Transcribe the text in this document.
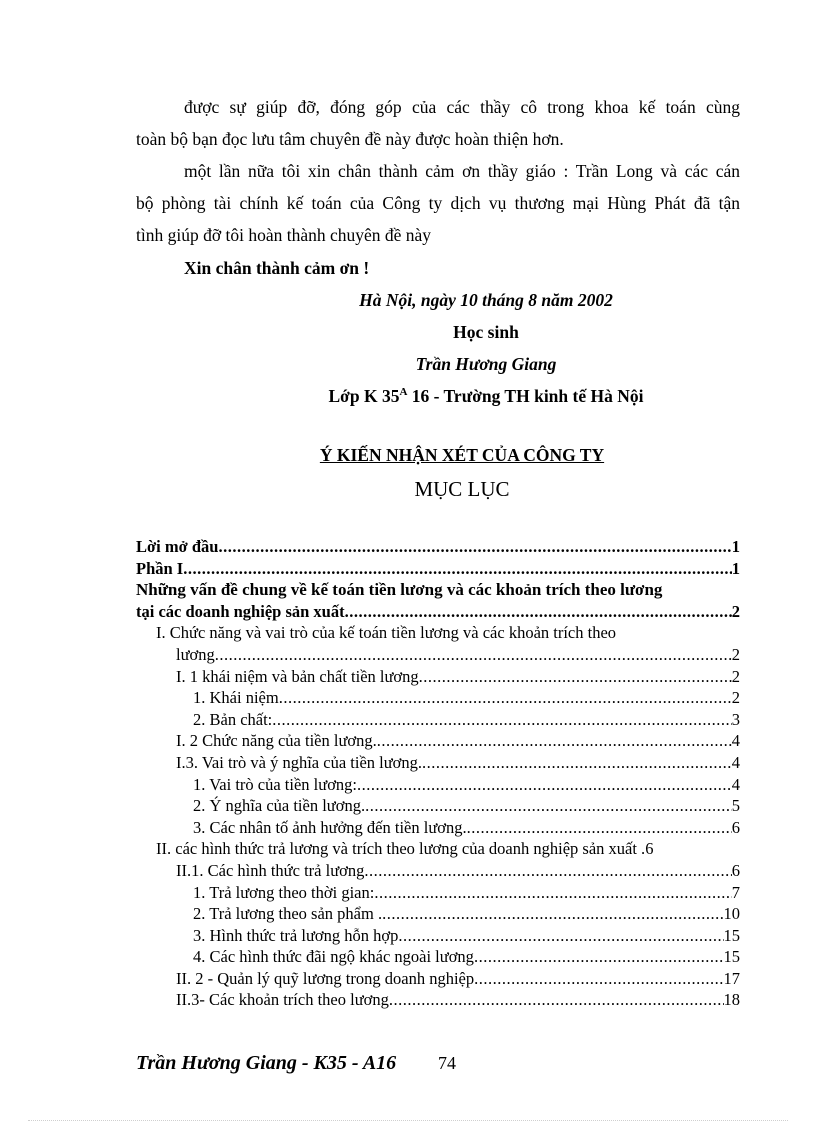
được sự giúp đỡ, đóng góp của các thầy cô trong khoa kế toán cùng
toàn bộ bạn đọc lưu tâm chuyên đề này được hoàn thiện hơn.
một lần nữa tôi xin chân thành cảm ơn thầy giáo : Trần Long và các cán
bộ phòng tài chính kế toán của Công ty dịch vụ thương mại Hùng Phát đã tận
tình giúp đỡ tôi hoàn thành chuyên đề này
Xin chân thành cảm ơn !
Hà Nội, ngày 10 tháng 8 năm 2002
Học sinh
Trần Hương Giang
Lớp K $35^A$ 16 - Trường TH kinh tế Hà Nội
Ý KIẾN NHẬN XÉT CỦA CÔNG TY
MỤC LỤC
Lời mở đầu .....	1
Phần I .....	1
Những vấn đề chung về kế toán tiền lương và các khoản trích theo lương
tại các doanh nghiệp sản xuất .....	2
I. Chức năng và vai trò của kế toán tiền lương và các khoản trích theo
lương .....	2
I. 1 khái niệm và bản chất tiền lương .....	2
1. Khái niệm .....	2
2. Bản chất: .....	3
I. 2 Chức năng của tiền lương. .....	4
I.3. Vai trò và ý nghĩa của tiền lương. .....	4
1. Vai trò của tiền lương: .....	4
2. Ý nghĩa của tiền lương. .....	5
3. Các nhân tố ảnh hưởng đến tiền lương. .....	6
II. các hình thức trả lương và trích theo lương của doanh nghiệp sản xuất . 6
II.1. Các hình thức trả lương .....	6
1. Trả lương theo thời gian: .....	7
2. Trả lương theo sản phẩm . .....	10
3. Hình thức trả lương hỗn hợp .....	15
4. Các hình thức đãi ngộ khác ngoài lương .....	15
II. 2 - Quản lý quỹ lương trong doanh nghiệp .....	17
II.3- Các khoản trích theo lương .....	18
Trần Hương Giang - K35 - A16 74
